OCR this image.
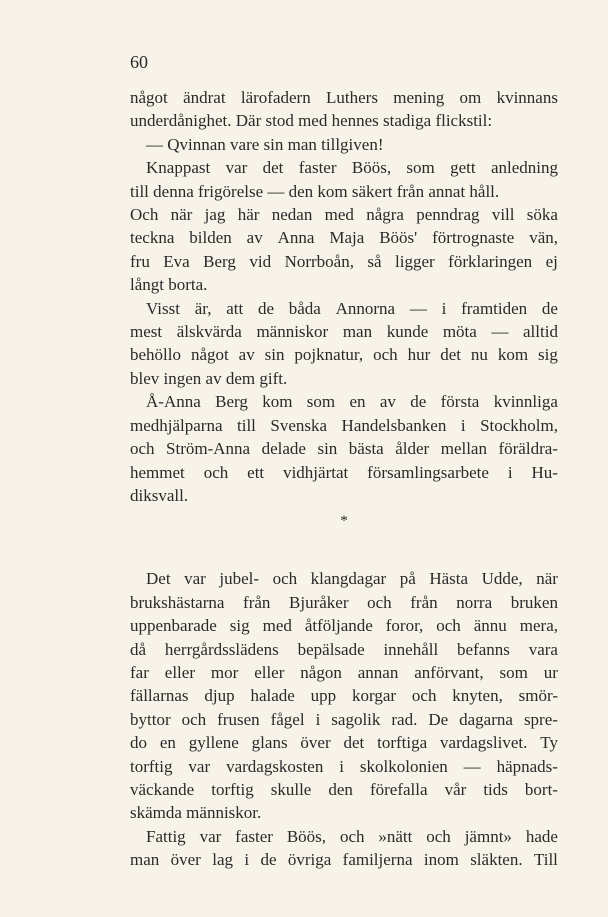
60
något ändrat lärofadern Luthers mening om kvinnans
underdånighet. Där stod med hennes stadiga flickstil:
— Qvinnan vare sin man tillgiven!
Knappast var det faster Böös, som gett anledning
till denna frigörelse — den kom säkert från annat håll.
Och när jag här nedan med några penndrag vill söka
teckna bilden av Anna Maja Böös' förtrognaste vän,
fru Eva Berg vid Norrboån, så ligger förklaringen ej
långt borta.
Visst är, att de båda Annorna — i framtiden de
mest älskvärda människor man kunde möta — alltid
behöllo något av sin pojknatur, och hur det nu kom sig
blev ingen av dem gift.
Å-Anna Berg kom som en av de första kvinnliga
medhjälparna till Svenska Handelsbanken i Stockholm,
och Ström-Anna delade sin bästa ålder mellan föräldra-
hemmet och ett vidhjärtat församlingsarbete i Hu-
diksvall.
*
Det var jubel- och klangdagar på Hästa Udde, när
brukshästarna från Bjuråker och från norra bruken
uppenbarade sig med åtföljande foror, och ännu mera,
då herrgårdsslädens bepälsade innehåll befanns vara
far eller mor eller någon annan anförvant, som ur
fällarnas djup halade upp korgar och knyten, smör-
byttor och frusen fågel i sagolik rad. De dagarna spre-
do en gyllene glans över det torftiga vardagslivet. Ty
torftig var vardagskosten i skolkolonien — häpnads-
väckande torftig skulle den förefalla vår tids bort-
skämda människor.
Fattig var faster Böös, och »nätt och jämnt» hade
man över lag i de övriga familjerna inom släkten. Till
